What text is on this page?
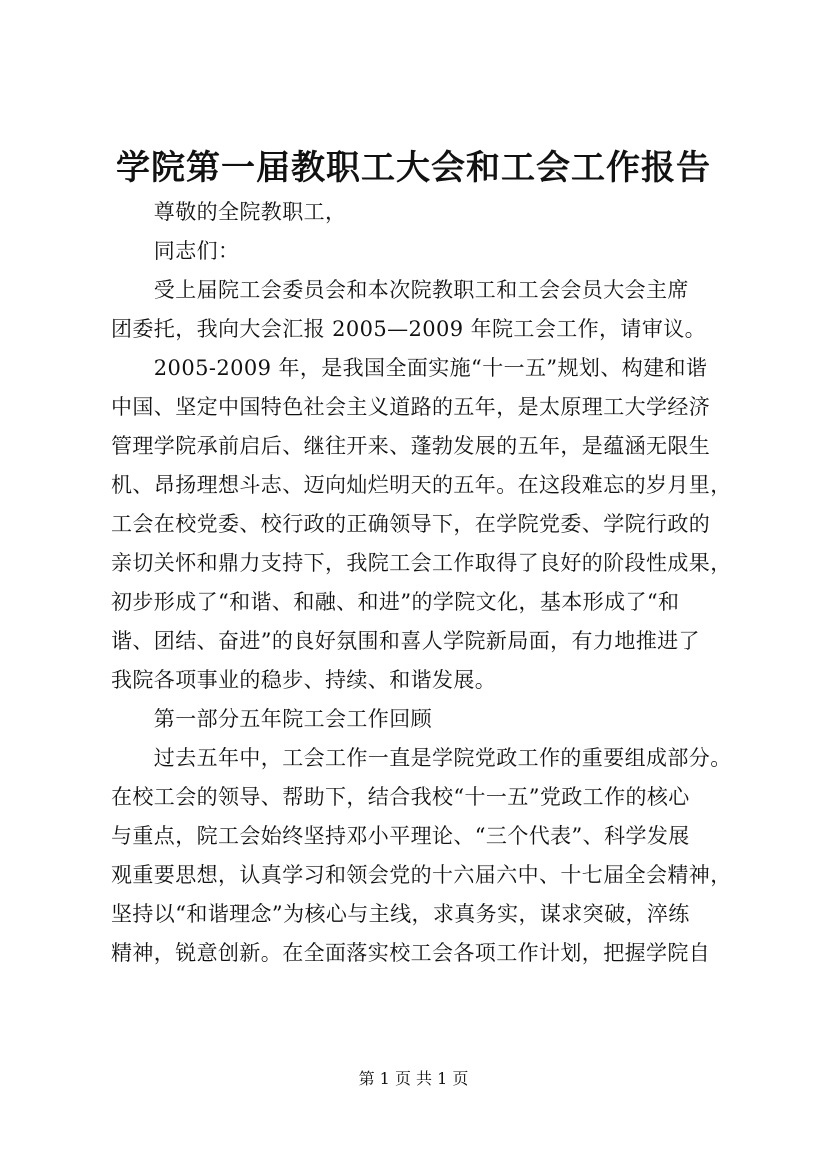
学院第一届教职工大会和工会工作报告
　　尊敬的全院教职工，
　　同志们：
　　受上届院工会委员会和本次院教职工和工会会员大会主席
团委托，我向大会汇报 2005—2009 年院工会工作，请审议。
　　2005-2009 年，是我国全面实施“十一五”规划、构建和谐
中国、坚定中国特色社会主义道路的五年，是太原理工大学经济
管理学院承前启后、继往开来、蓬勃发展的五年，是蕴涵无限生
机、昂扬理想斗志、迈向灿烂明天的五年。在这段难忘的岁月里，
工会在校党委、校行政的正确领导下，在学院党委、学院行政的
亲切关怀和鼎力支持下，我院工会工作取得了良好的阶段性成果，
初步形成了“和谐、和融、和进”的学院文化，基本形成了“和
谐、团结、奋进”的良好氛围和喜人学院新局面，有力地推进了
我院各项事业的稳步、持续、和谐发展。
　　第一部分五年院工会工作回顾
　　过去五年中，工会工作一直是学院党政工作的重要组成部分。
在校工会的领导、帮助下，结合我校“十一五”党政工作的核心
与重点，院工会始终坚持邓小平理论、“三个代表”、科学发展
观重要思想，认真学习和领会党的十六届六中、十七届全会精神，
坚持以“和谐理念”为核心与主线，求真务实，谋求突破，淬练
精神，锐意创新。在全面落实校工会各项工作计划，把握学院自
第 1 页 共 1 页
